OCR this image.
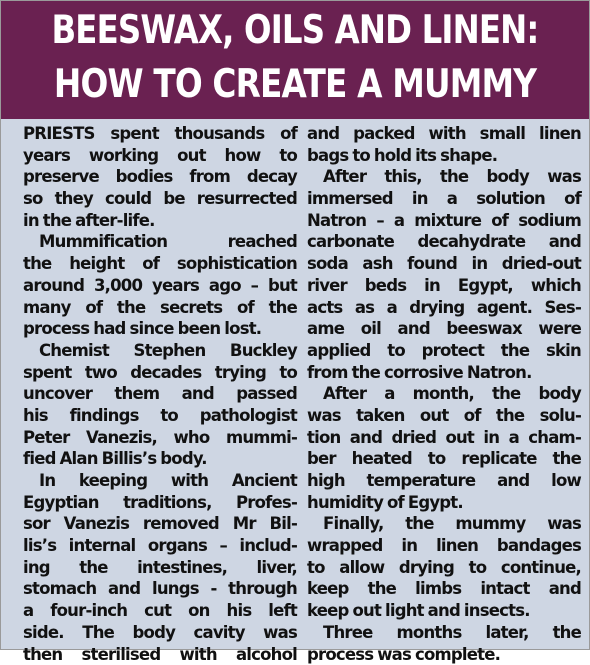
BEESWAX, OILS AND LINEN:
HOW TO CREATE A MUMMY
PRIESTS spent thousands of
years working out how to
preserve bodies from decay
so they could be resurrected
in the after-life.
Mummification reached
the height of sophistication
around 3,000 years ago – but
many of the secrets of the
process had since been lost.
Chemist Stephen Buckley
spent two decades trying to
uncover them and passed
his findings to pathologist
Peter Vanezis, who mummi-
fied Alan Billis’s body.
In keeping with Ancient
Egyptian traditions, Profes-
sor Vanezis removed Mr Bil-
lis’s internal organs – includ-
ing the intestines, liver,
stomach and lungs - through
a four-inch cut on his left
side. The body cavity was
then sterilised with alcohol
and packed with small linen
bags to hold its shape.
After this, the body was
immersed in a solution of
Natron – a mixture of sodium
carbonate decahydrate and
soda ash found in dried-out
river beds in Egypt, which
acts as a drying agent. Ses-
ame oil and beeswax were
applied to protect the skin
from the corrosive Natron.
After a month, the body
was taken out of the solu-
tion and dried out in a cham-
ber heated to replicate the
high temperature and low
humidity of Egypt.
Finally, the mummy was
wrapped in linen bandages
to allow drying to continue,
keep the limbs intact and
keep out light and insects.
Three months later, the
process was complete.
